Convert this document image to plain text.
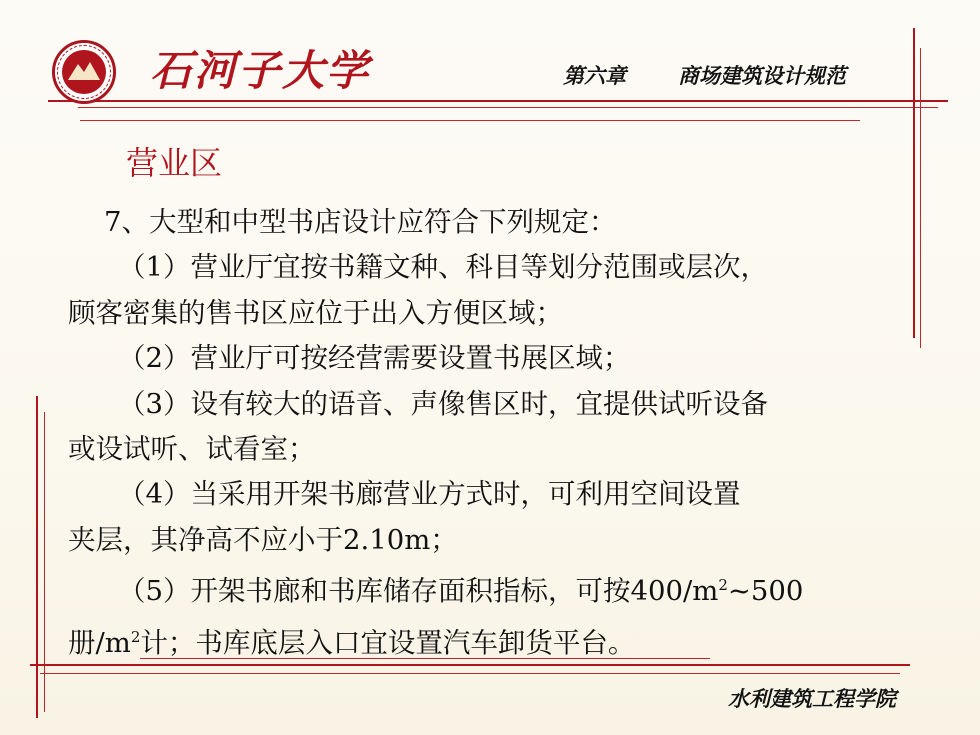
石河子大学	第六章 商场建筑设计规范
营业区

7、大型和中型书店设计应符合下列规定：

（1）营业厅宜按书籍文种、科目等划分范围或层次，

顾客密集的售书区应位于出入方便区域；

（2）营业厅可按经营需要设置书展区域；

（3）设有较大的语音、声像售区时，宜提供试听设备

或设试听、试看室；

（4）当采用开架书廊营业方式时，可利用空间设置

夹层，其净高不应小于2.10m；

（5）开架书廊和书库储存面积指标，可按$400/m^2\sim 500$

册$/m^2$计；书库底层入口宜设置汽车卸货平台。

水利建筑工程学院
